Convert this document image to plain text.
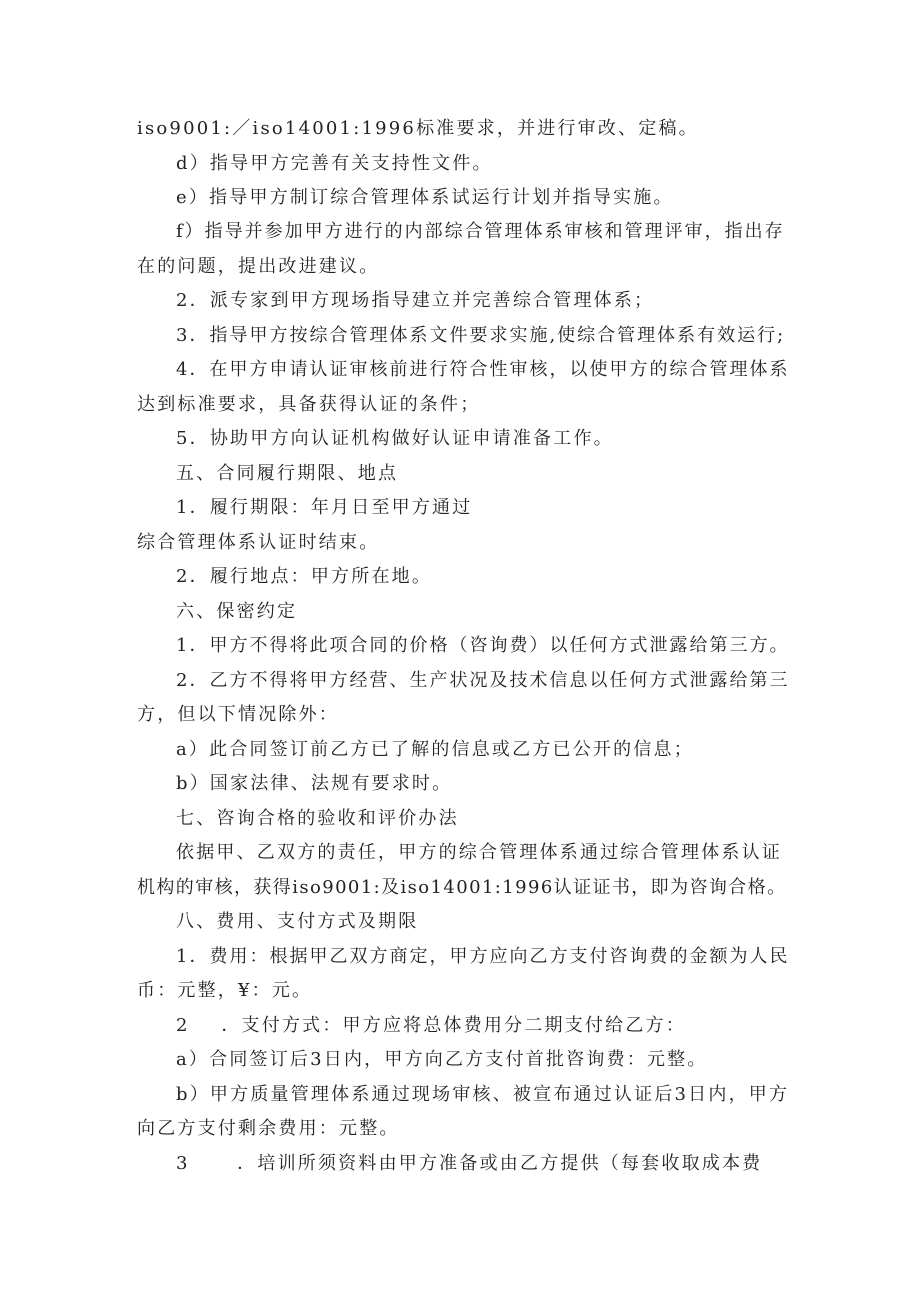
iso9001:／iso14001:1996标准要求，并进行审改、定稿。
d）指导甲方完善有关支持性文件。
e）指导甲方制订综合管理体系试运行计划并指导实施。
f）指导并参加甲方进行的内部综合管理体系审核和管理评审，指出存
在的问题，提出改进建议。
2．派专家到甲方现场指导建立并完善综合管理体系；
3．指导甲方按综合管理体系文件要求实施,使综合管理体系有效运行;
4．在甲方申请认证审核前进行符合性审核，以使甲方的综合管理体系
达到标准要求，具备获得认证的条件；
5．协助甲方向认证机构做好认证申请准备工作。
五、合同履行期限、地点
1．履行期限：年月日至甲方通过
综合管理体系认证时结束。
2．履行地点：甲方所在地。
六、保密约定
1．甲方不得将此项合同的价格（咨询费）以任何方式泄露给第三方。
2．乙方不得将甲方经营、生产状况及技术信息以任何方式泄露给第三
方，但以下情况除外：
a）此合同签订前乙方已了解的信息或乙方已公开的信息；
b）国家法律、法规有要求时。
七、咨询合格的验收和评价办法
依据甲、乙双方的责任，甲方的综合管理体系通过综合管理体系认证
机构的审核，获得iso9001:及iso14001:1996认证证书，即为咨询合格。
八、费用、支付方式及期限
1．费用：根据甲乙双方商定，甲方应向乙方支付咨询费的金额为人民
币：元整，¥：元。
2    ．支付方式：甲方应将总体费用分二期支付给乙方：
a）合同签订后3日内，甲方向乙方支付首批咨询费：元整。
b）甲方质量管理体系通过现场审核、被宣布通过认证后3日内，甲方
向乙方支付剩余费用：元整。
3      ．培训所须资料由甲方准备或由乙方提供（每套收取成本费
